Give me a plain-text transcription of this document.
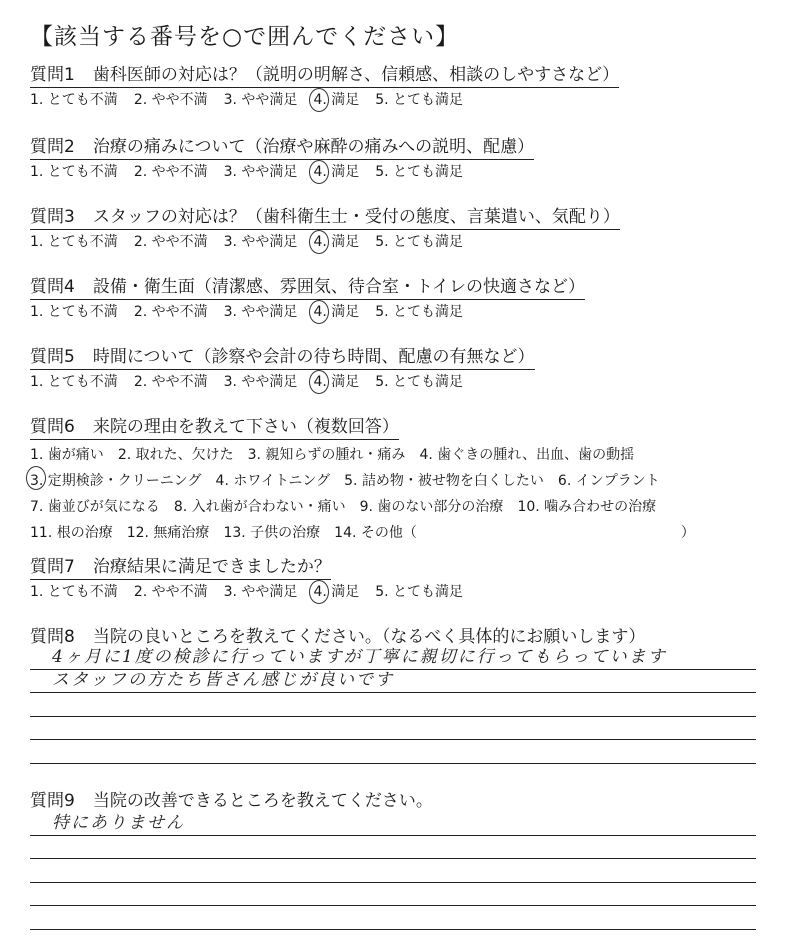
【該当する番号を○で囲んでください】
質問1 歯科医師の対応は？（説明の明解さ、信頼感、相談のしやすさなど）
1. とても不満 2. やや不満 3. やや満足 4. 満足 5. とても満足
質問2 治療の痛みについて（治療や麻酔の痛みへの説明、配慮）
1. とても不満 2. やや不満 3. やや満足 4. 満足 5. とても満足
質問3 スタッフの対応は？（歯科衛生士・受付の態度、言葉遣い、気配り）
1. とても不満 2. やや不満 3. やや満足 4. 満足 5. とても満足
質問4 設備・衛生面（清潔感、雰囲気、待合室・トイレの快適さなど）
1. とても不満 2. やや不満 3. やや満足 4. 満足 5. とても満足
質問5 時間について（診察や会計の待ち時間、配慮の有無など）
1. とても不満 2. やや不満 3. やや満足 4. 満足 5. とても満足
質問6 来院の理由を教えて下さい（複数回答）
1. 歯が痛い 2. 取れた、欠けた 3. 親知らずの腫れ・痛み 4. 歯ぐきの腫れ、出血、歯の動揺
3. 定期検診・クリーニング 4. ホワイトニング 5. 詰め物・被せ物を白くしたい 6. インプラント
7. 歯並びが気になる 8. 入れ歯が合わない・痛い 9. 歯のない部分の治療 10. 噛み合わせの治療
11. 根の治療 12. 無痛治療 13. 子供の治療 14. その他（	）
質問7 治療結果に満足できましたか？
1. とても不満 2. やや不満 3. やや満足 4. 満足 5. とても満足
質問8 当院の良いところを教えてください。（なるべく具体的にお願いします）
4ヶ月に1度の検診に行っていますが丁寧に親切に行ってもらっています
スタッフの方たち皆さん感じが良いです
質問9 当院の改善できるところを教えてください。
特にありません
